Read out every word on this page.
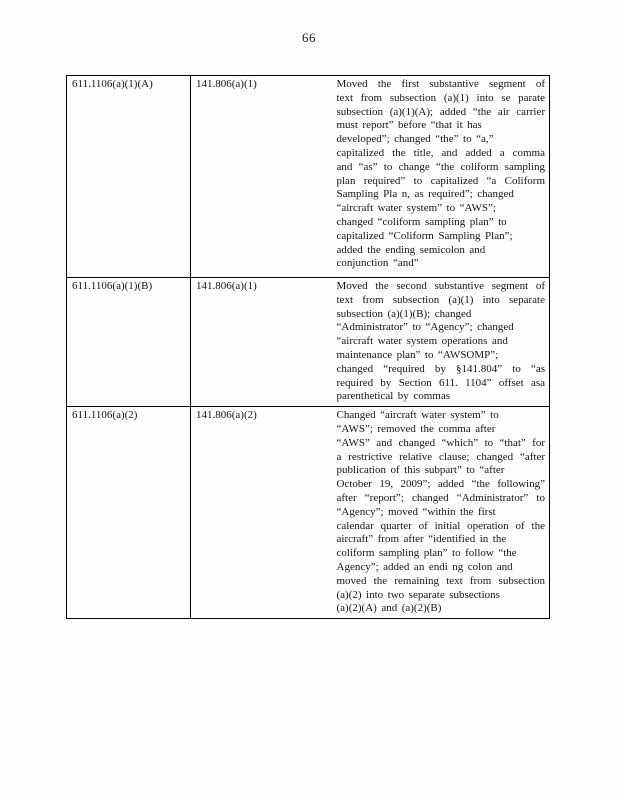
66
611.1106(a)(1)(A)	141.806(a)(1)	Moved the first substantive segment of
text from subsection (a)(1) into se parate
subsection (a)(1)(A); added “the air carrier
must report” before “that it has
developed”; changed “the” to “a,”
capitalized the title, and added a comma
and “as” to change “the coliform sampling
plan required” to capitalized “a Coliform
Sampling Pla n, as required”; changed
“aircraft water system” to “AWS”;
changed “coliform sampling plan” to
capitalized “Coliform Sampling Plan”;
added the ending semicolon and
conjunction “and”

611.1106(a)(1)(B)	141.806(a)(1)	Moved the second substantive segment of
text from subsection (a)(1) into separate
subsection (a)(1)(B); changed
“Administrator” to “Agency”; changed
“aircraft water system operations and
maintenance plan” to “AWSOMP”;
changed “required by §141.804” to “as
required by Section 611. 1104” offset asa
parenthetical by commas

611.1106(a)(2)	141.806(a)(2)	Changed “aircraft water system” to
“AWS”; removed the comma after
“AWS” and changed “which” to “that” for
a restrictive relative clause; changed “after
publication of this subpart” to “after
October 19, 2009”; added “the following”
after “report”; changed “Administrator” to
“Agency”; moved “within the first
calendar quarter of initial operation of the
aircraft” from after “identified in the
coliform sampling plan” to follow “the
Agency”; added an endi ng colon and
moved the remaining text from subsection
(a)(2) into two separate subsections
(a)(2)(A) and (a)(2)(B)
